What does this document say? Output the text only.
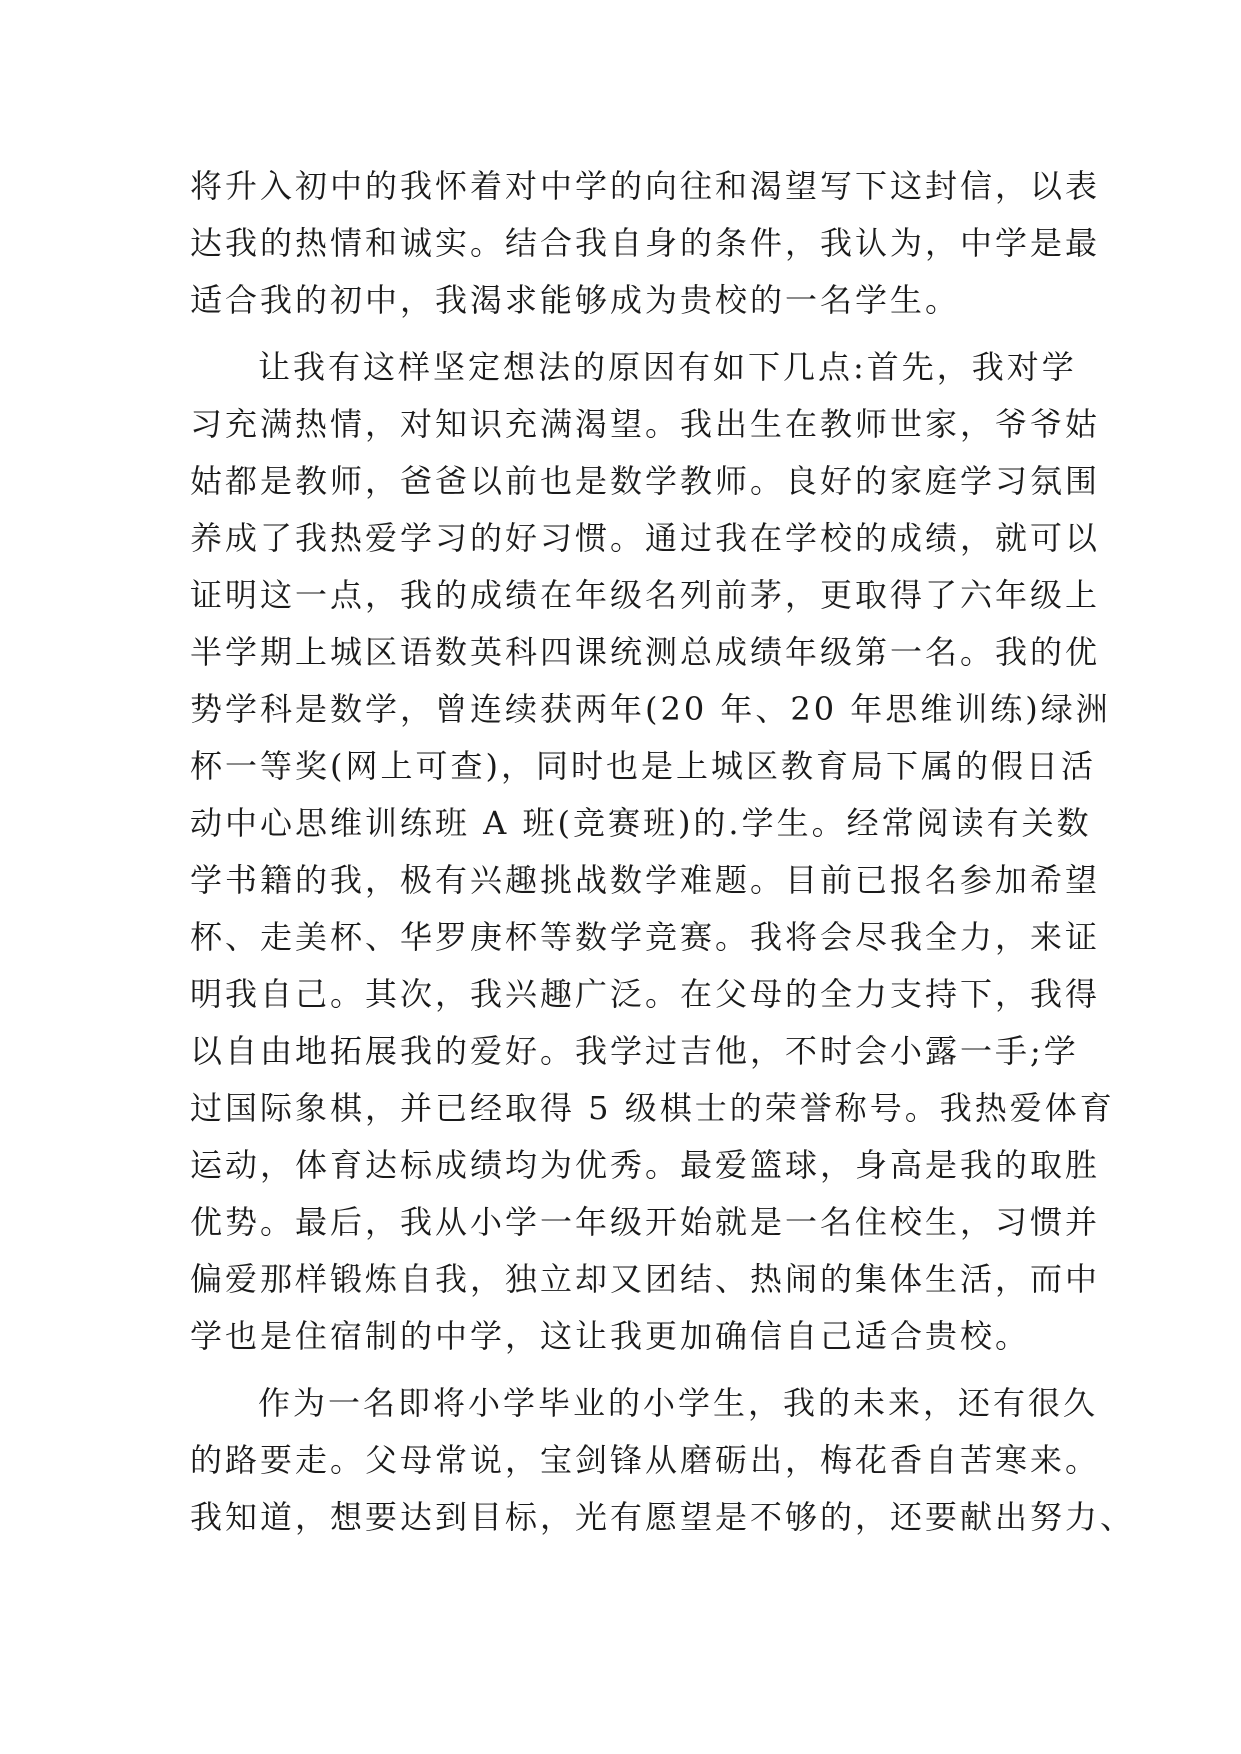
将升入初中的我怀着对中学的向往和渴望写下这封信，以表
达我的热情和诚实。结合我自身的条件，我认为，中学是最
适合我的初中，我渴求能够成为贵校的一名学生。
让我有这样坚定想法的原因有如下几点:首先，我对学
习充满热情，对知识充满渴望。我出生在教师世家，爷爷姑
姑都是教师，爸爸以前也是数学教师。良好的家庭学习氛围
养成了我热爱学习的好习惯。通过我在学校的成绩，就可以
证明这一点，我的成绩在年级名列前茅，更取得了六年级上
半学期上城区语数英科四课统测总成绩年级第一名。我的优
势学科是数学，曾连续获两年(20 年、20 年思维训练)绿洲
杯一等奖(网上可查)，同时也是上城区教育局下属的假日活
动中心思维训练班 A 班(竞赛班)的.学生。经常阅读有关数
学书籍的我，极有兴趣挑战数学难题。目前已报名参加希望
杯、走美杯、华罗庚杯等数学竞赛。我将会尽我全力，来证
明我自己。其次，我兴趣广泛。在父母的全力支持下，我得
以自由地拓展我的爱好。我学过吉他，不时会小露一手;学
过国际象棋，并已经取得 5 级棋士的荣誉称号。我热爱体育
运动，体育达标成绩均为优秀。最爱篮球，身高是我的取胜
优势。最后，我从小学一年级开始就是一名住校生，习惯并
偏爱那样锻炼自我，独立却又团结、热闹的集体生活，而中
学也是住宿制的中学，这让我更加确信自己适合贵校。
作为一名即将小学毕业的小学生，我的未来，还有很久
的路要走。父母常说，宝剑锋从磨砺出，梅花香自苦寒来。
我知道，想要达到目标，光有愿望是不够的，还要献出努力、
